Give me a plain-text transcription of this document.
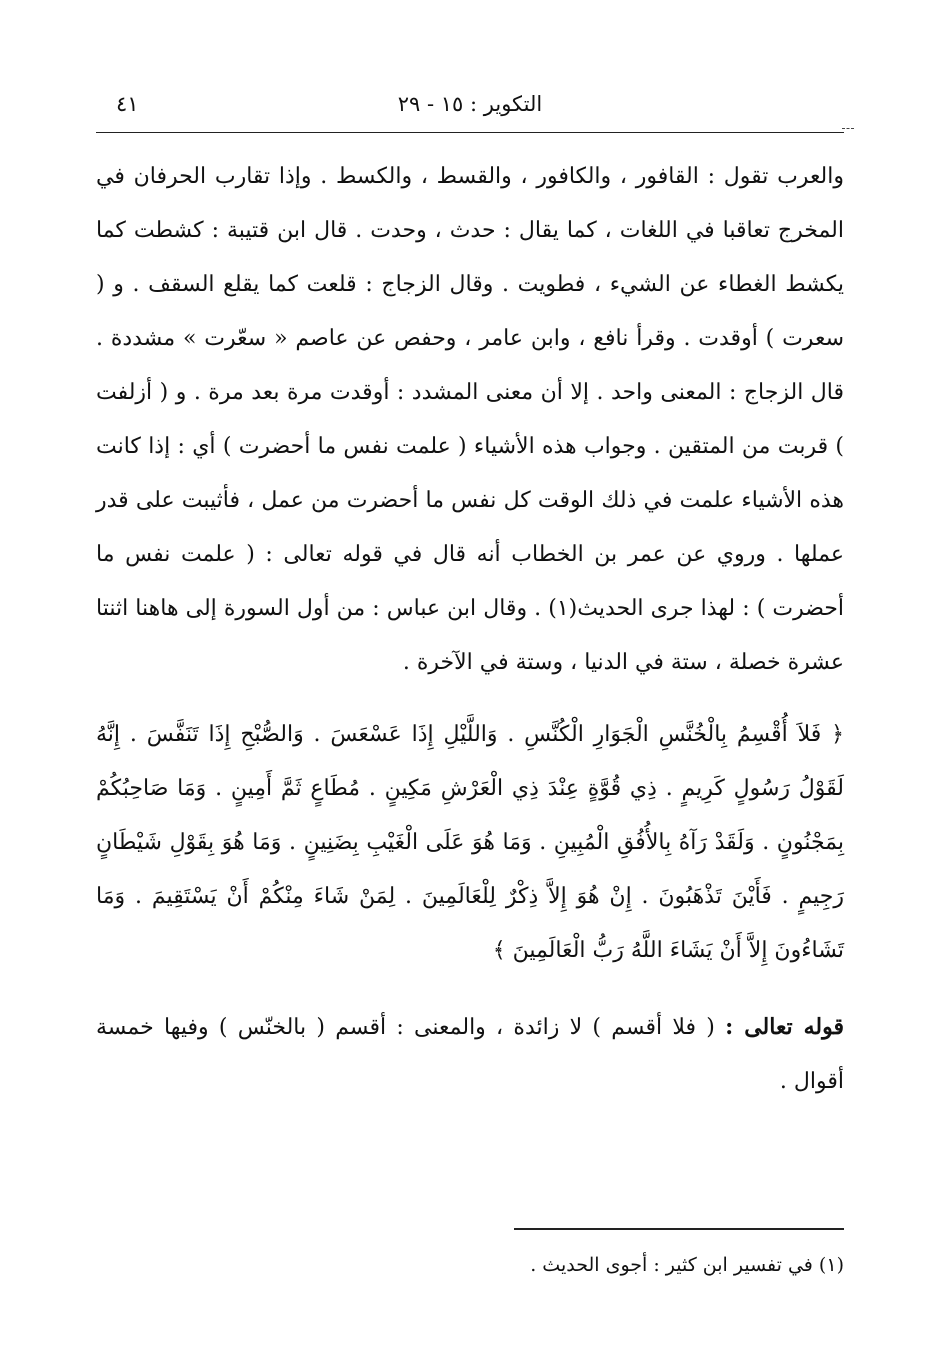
التكوير : ١٥ - ٢٩
٤١

والعرب تقول : القافور ، والكافور ، والقسط ، والكسط . وإذا تقارب الحرفان في المخرج تعاقبا في اللغات ، كما يقال : حدث ، وحدت . قال ابن قتيبة : كشطت كما يكشط الغطاء عن الشيء ، فطويت . وقال الزجاج : قلعت كما يقلع السقف . و ( سعرت ) أوقدت . وقرأ نافع ، وابن عامر ، وحفص عن عاصم « سعّرت » مشددة . قال الزجاج : المعنى واحد . إلا أن معنى المشدد : أوقدت مرة بعد مرة . و ( أزلفت ) قربت من المتقين . وجواب هذه الأشياء ( علمت نفس ما أحضرت ) أي : إذا كانت هذه الأشياء علمت في ذلك الوقت كل نفس ما أحضرت من عمل ، فأثيبت على قدر عملها . وروي عن عمر بن الخطاب أنه قال في قوله تعالى : ( علمت نفس ما أحضرت ) : لهذا جرى الحديث(١) . وقال ابن عباس : من أول السورة إلى هاهنا اثنتا عشرة خصلة ، ستة في الدنيا ، وستة في الآخرة .

﴿ فَلاَ أُقْسِمُ بِالْخُنَّسِ الْجَوَارِ الْكُنَّسِ . وَاللَّيْلِ إِذَا عَسْعَسَ . وَالصُّبْحِ إِذَا تَنَفَّسَ . إِنَّهُ لَقَوْلُ رَسُولٍ كَرِيمٍ . ذِي قُوَّةٍ عِنْدَ ذِي الْعَرْشِ مَكِينٍ . مُطَاعٍ ثَمَّ أَمِينٍ . وَمَا صَاحِبُكُمْ بِمَجْنُونٍ . وَلَقَدْ رَآهُ بِالأُفُقِ الْمُبِينِ . وَمَا هُوَ عَلَى الْغَيْبِ بِضَنِينٍ . وَمَا هُوَ بِقَوْلِ شَيْطَانٍ رَجِيمٍ . فَأَيْنَ تَذْهَبُونَ . إِنْ هُوَ إِلاَّ ذِكْرٌ لِلْعَالَمِينَ . لِمَنْ شَاءَ مِنْكُمْ أَنْ يَسْتَقِيمَ . وَمَا تَشَاءُونَ إِلاَّ أَنْ يَشَاءَ اللَّهُ رَبُّ الْعَالَمِينَ ﴾

قوله تعالى : ( فلا أقسم ) لا زائدة ، والمعنى : أقسم ( بالخنّس ) وفيها خمسة أقوال .

(١) في تفسير ابن كثير : أجوى الحديث .
